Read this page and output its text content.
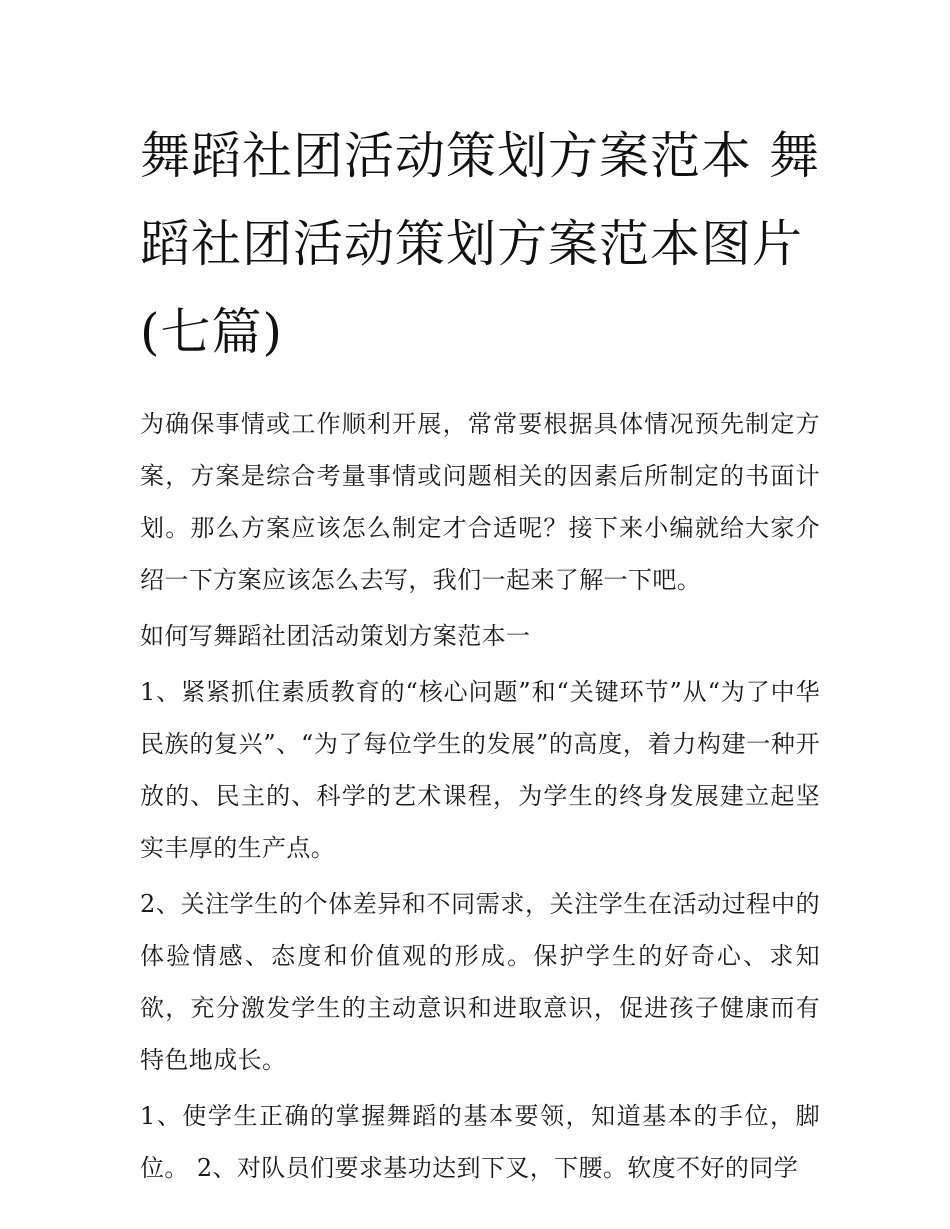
舞蹈社团活动策划方案范本 舞蹈社团活动策划方案范本图片(七篇)

为确保事情或工作顺利开展，常常要根据具体情况预先制定方案，方案是综合考量事情或问题相关的因素后所制定的书面计划。那么方案应该怎么制定才合适呢？接下来小编就给大家介绍一下方案应该怎么去写，我们一起来了解一下吧。

如何写舞蹈社团活动策划方案范本一

1、紧紧抓住素质教育的“核心问题”和“关键环节”从“为了中华民族的复兴”、“为了每位学生的发展”的高度，着力构建一种开放的、民主的、科学的艺术课程，为学生的终身发展建立起坚实丰厚的生产点。

2、关注学生的个体差异和不同需求，关注学生在活动过程中的体验情感、态度和价值观的形成。保护学生的好奇心、求知欲，充分激发学生的主动意识和进取意识，促进孩子健康而有特色地成长。

1、使学生正确的掌握舞蹈的基本要领，知道基本的手位，脚位。 2、对队员们要求基功达到下叉，下腰。软度不好的同学
